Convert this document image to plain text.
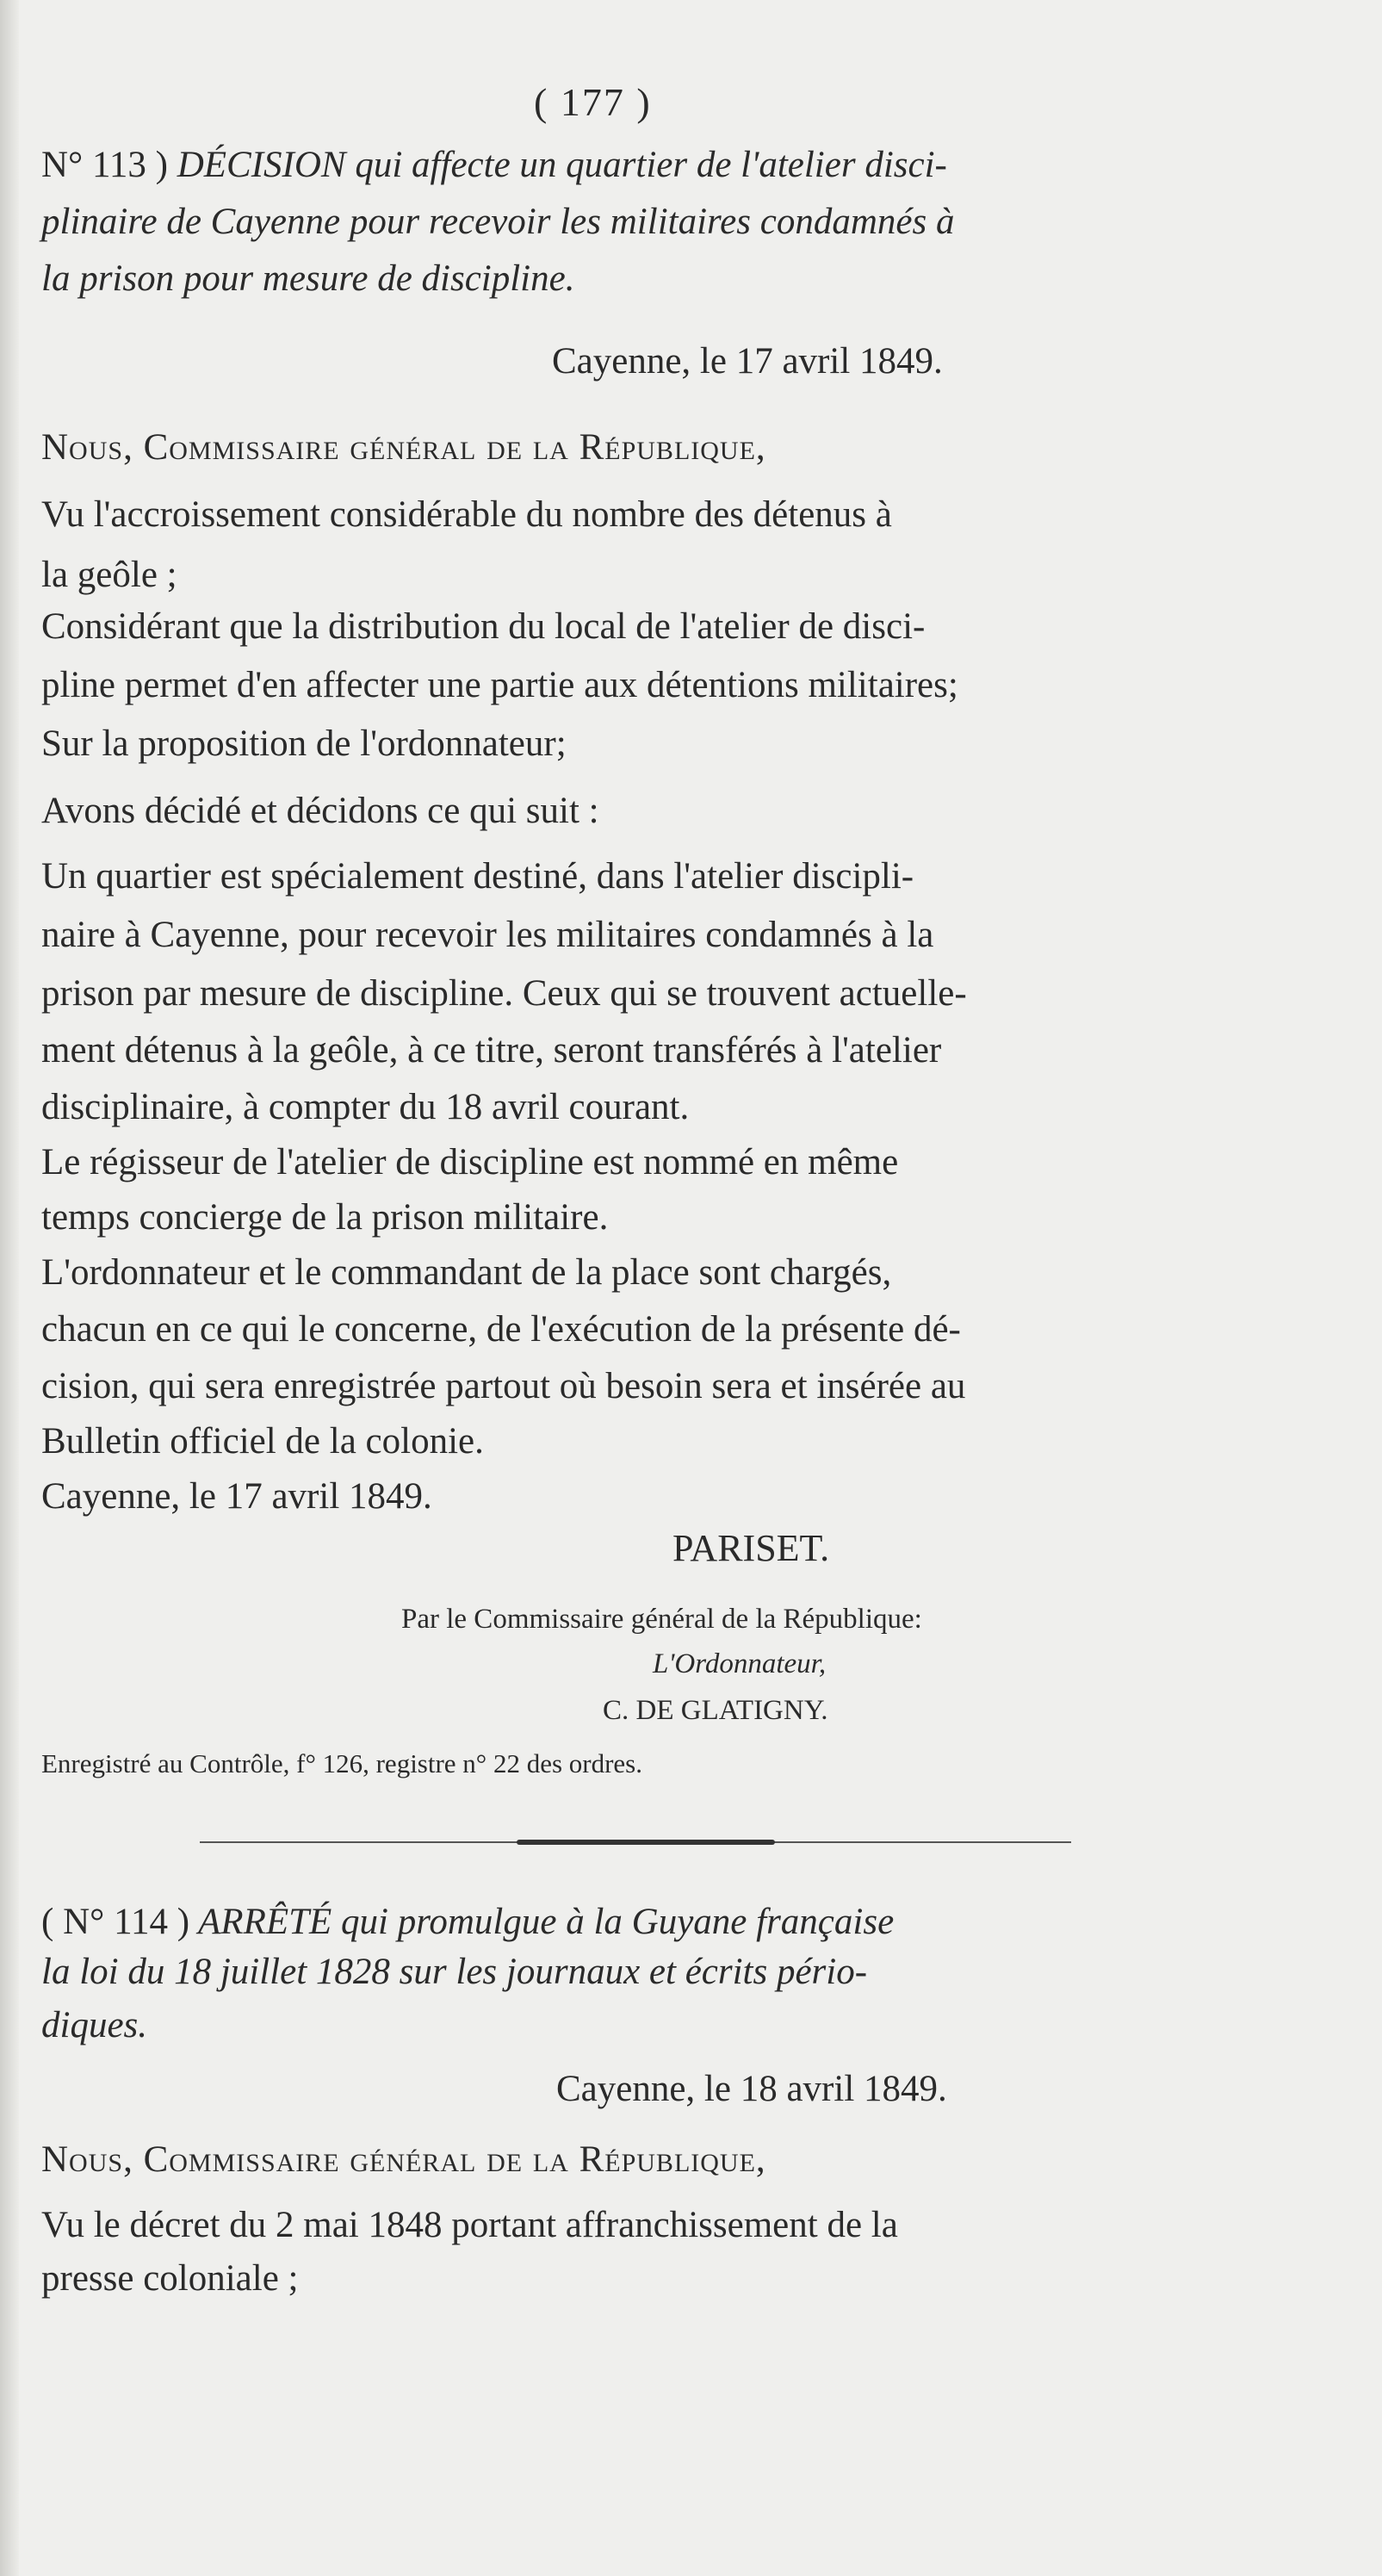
( 177 )
N° 113 ) DÉCISION qui affecte un quartier de l'atelier disci-
plinaire de Cayenne pour recevoir les militaires condamnés à
la prison pour mesure de discipline.
Cayenne, le 17 avril 1849.
Nous, Commissaire général de la République,
Vu l'accroissement considérable du nombre des détenus à
la geôle ;
Considérant que la distribution du local de l'atelier de disci-
pline permet d'en affecter une partie aux détentions militaires;
Sur la proposition de l'ordonnateur;
Avons décidé et décidons ce qui suit :
Un quartier est spécialement destiné, dans l'atelier discipli-
naire à Cayenne, pour recevoir les militaires condamnés à la
prison par mesure de discipline. Ceux qui se trouvent actuelle-
ment détenus à la geôle, à ce titre, seront transférés à l'atelier
disciplinaire, à compter du 18 avril courant.
Le régisseur de l'atelier de discipline est nommé en même
temps concierge de la prison militaire.
L'ordonnateur et le commandant de la place sont chargés,
chacun en ce qui le concerne, de l'exécution de la présente dé-
cision, qui sera enregistrée partout où besoin sera et insérée au
Bulletin officiel de la colonie.
Cayenne, le 17 avril 1849.
PARISET.
Par le Commissaire général de la République:
L'Ordonnateur,
C. DE GLATIGNY.
Enregistré au Contrôle, f° 126, registre n° 22 des ordres.
( N° 114 ) ARRÊTÉ qui promulgue à la Guyane française
la loi du 18 juillet 1828 sur les journaux et écrits pério-
diques.
Cayenne, le 18 avril 1849.
Nous, Commissaire général de la République,
Vu le décret du 2 mai 1848 portant affranchissement de la
presse coloniale ;
